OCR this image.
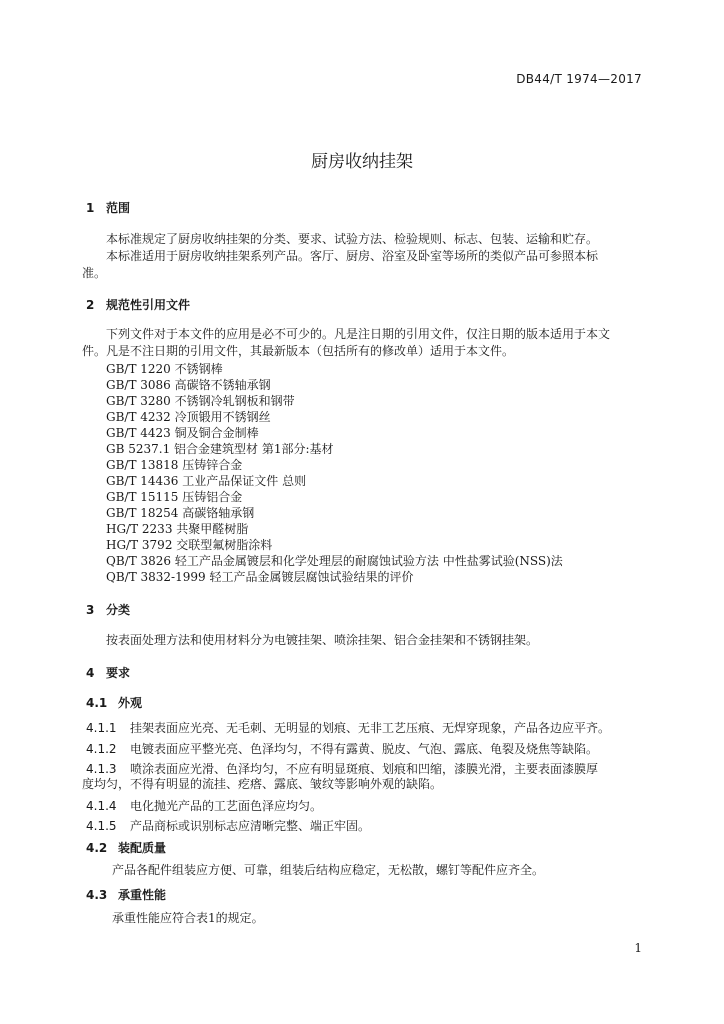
DB44/T 1974—2017
厨房收纳挂架
1 范围
本标准规定了厨房收纳挂架的分类、要求、试验方法、检验规则、标志、包装、运输和贮存。
本标准适用于厨房收纳挂架系列产品。客厅、厨房、浴室及卧室等场所的类似产品可参照本标
准。
2 规范性引用文件
下列文件对于本文件的应用是必不可少的。凡是注日期的引用文件，仅注日期的版本适用于本文
件。凡是不注日期的引用文件，其最新版本（包括所有的修改单）适用于本文件。
GB/T 1220 不锈钢棒
GB/T 3086 高碳铬不锈轴承钢
GB/T 3280 不锈钢冷轧钢板和钢带
GB/T 4232 冷顶锻用不锈钢丝
GB/T 4423 铜及铜合金制棒
GB 5237.1 铝合金建筑型材 第1部分:基材
GB/T 13818 压铸锌合金
GB/T 14436 工业产品保证文件 总则
GB/T 15115 压铸铝合金
GB/T 18254 高碳铬轴承钢
HG/T 2233 共聚甲醛树脂
HG/T 3792 交联型氟树脂涂料
QB/T 3826 轻工产品金属镀层和化学处理层的耐腐蚀试验方法 中性盐雾试验(NSS)法
QB/T 3832-1999 轻工产品金属镀层腐蚀试验结果的评价
3 分类
按表面处理方法和使用材料分为电镀挂架、喷涂挂架、铝合金挂架和不锈钢挂架。
4 要求
4.1 外观
4.1.1 挂架表面应光亮、无毛刺、无明显的划痕、无非工艺压痕、无焊穿现象，产品各边应平齐。
4.1.2 电镀表面应平整光亮、色泽均匀，不得有露黄、脱皮、气泡、露底、龟裂及烧焦等缺陷。
4.1.3 喷涂表面应光滑、色泽均匀，不应有明显斑痕、划痕和凹缩，漆膜光滑，主要表面漆膜厚
度均匀，不得有明显的流挂、疙瘩、露底、皱纹等影响外观的缺陷。
4.1.4 电化抛光产品的工艺面色泽应均匀。
4.1.5 产品商标或识别标志应清晰完整、端正牢固。
4.2 装配质量
产品各配件组装应方便、可靠，组装后结构应稳定，无松散，螺钉等配件应齐全。
4.3 承重性能
承重性能应符合表1的规定。
1
